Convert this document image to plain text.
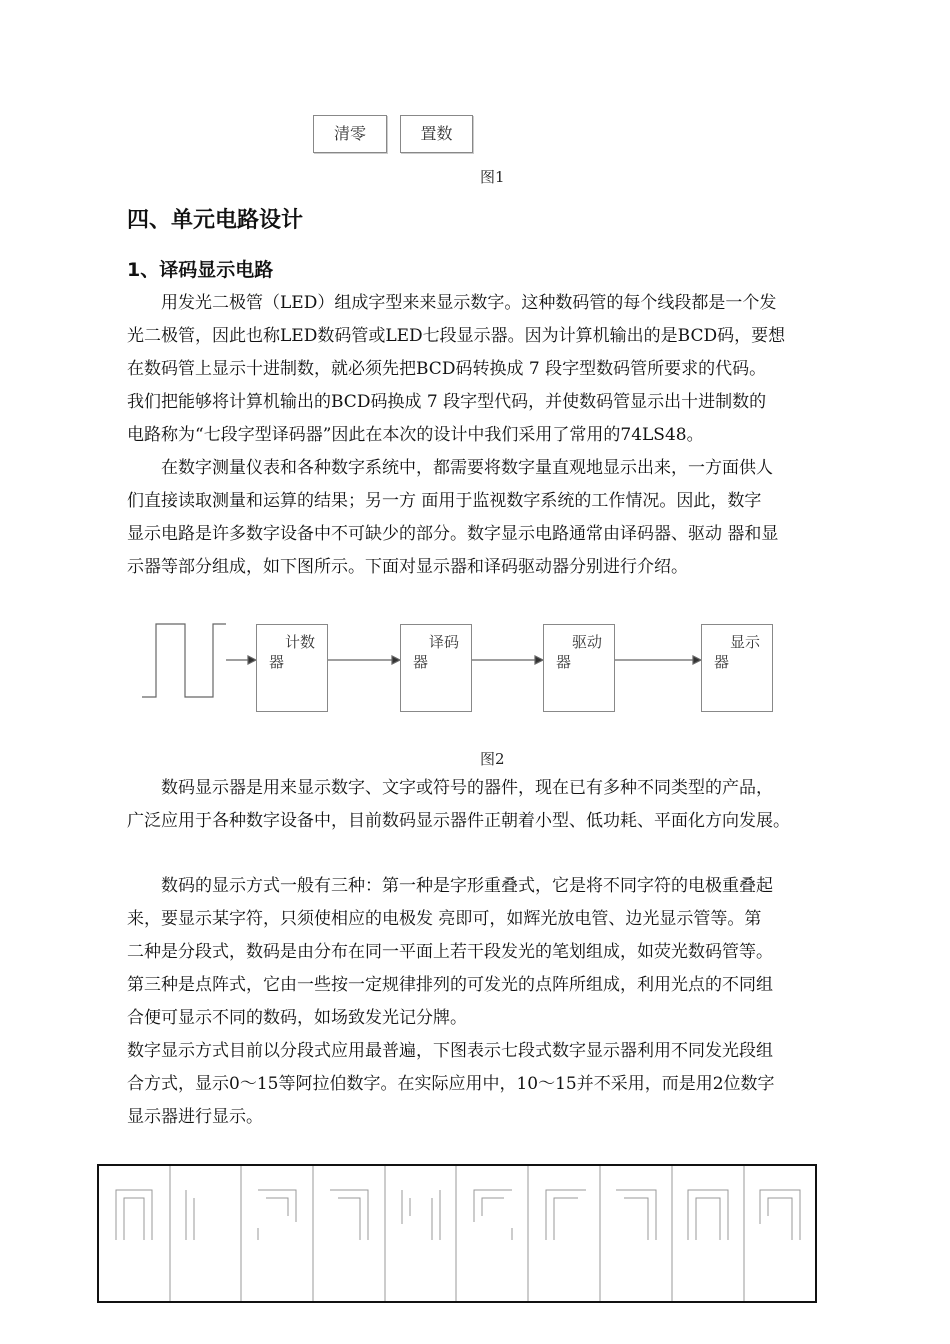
清零	置数
图1
四、单元电路设计
1、译码显示电路
　　用发光二极管（LED）组成字型来来显示数字。这种数码管的每个线段都是一个发
光二极管，因此也称LED数码管或LED七段显示器。因为计算机输出的是BCD码，要想
在数码管上显示十进制数，就必须先把BCD码转换成 7 段字型数码管所要求的代码。
我们把能够将计算机输出的BCD码换成 7 段字型代码，并使数码管显示出十进制数的
电路称为“七段字型译码器”因此在本次的设计中我们采用了常用的74LS48。
　　在数字测量仪表和各种数字系统中，都需要将数字量直观地显示出来，一方面供人
们直接读取测量和运算的结果；另一方 面用于监视数字系统的工作情况。因此，数字
显示电路是许多数字设备中不可缺少的部分。数字显示电路通常由译码器、驱动 器和显
示器等部分组成，如下图所示。下面对显示器和译码驱动器分别进行介绍。
计数
器
译码
器
驱动
器
显示
器
图2
　　数码显示器是用来显示数字、文字或符号的器件，现在已有多种不同类型的产品，
广泛应用于各种数字设备中，目前数码显示器件正朝着小型、低功耗、平面化方向发展。
　　数码的显示方式一般有三种：第一种是字形重叠式，它是将不同字符的电极重叠起
来，要显示某字符，只须使相应的电极发 亮即可，如辉光放电管、边光显示管等。第
二种是分段式，数码是由分布在同一平面上若干段发光的笔划组成，如荧光数码管等。
第三种是点阵式，它由一些按一定规律排列的可发光的点阵所组成，利用光点的不同组
合便可显示不同的数码，如场致发光记分牌。
数字显示方式目前以分段式应用最普遍，下图表示七段式数字显示器利用不同发光段组
合方式，显示0～15等阿拉伯数字。在实际应用中，10～15并不采用，而是用2位数字
显示器进行显示。
